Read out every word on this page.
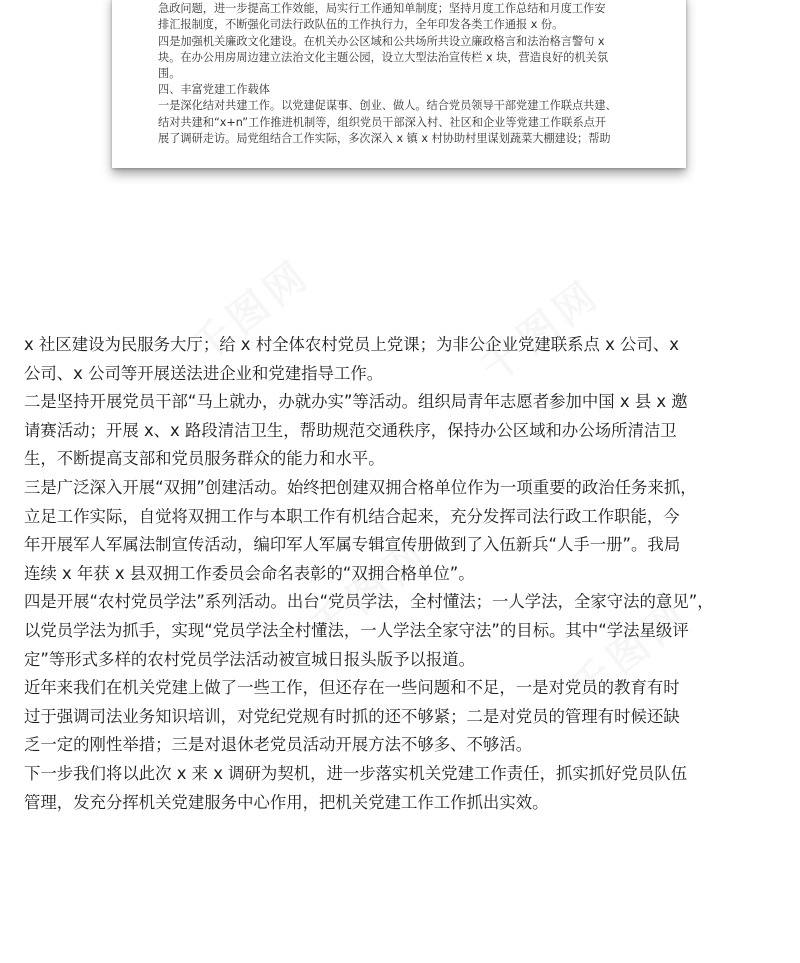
急政问题，进一步提高工作效能，局实行工作通知单制度；坚持月度工作总结和月度工作安

排汇报制度，不断强化司法行政队伍的工作执行力，全年印发各类工作通报 x 份。

四是加强机关廉政文化建设。在机关办公区域和公共场所共设立廉政格言和法治格言警句 x

块。在办公用房周边建立法治文化主题公园，设立大型法治宣传栏 x 块，营造良好的机关氛

围。

四、丰富党建工作载体

一是深化结对共建工作。以党建促谋事、创业、做人。结合党员领导干部党建工作联点共建、

结对共建和“x+n”工作推进机制等，组织党员干部深入村、社区和企业等党建工作联系点开

展了调研走访。局党组结合工作实际，多次深入 x 镇 x 村协助村里谋划蔬菜大棚建设；帮助

x 社区建设为民服务大厅；给 x 村全体农村党员上党课；为非公企业党建联系点 x 公司、x

公司、x 公司等开展送法进企业和党建指导工作。

二是坚持开展党员干部“马上就办，办就办实”等活动。组织局青年志愿者参加中国 x 县 x 邀

请赛活动；开展 x、x 路段清洁卫生，帮助规范交通秩序，保持办公区域和办公场所清洁卫

生，不断提高支部和党员服务群众的能力和水平。

三是广泛深入开展“双拥”创建活动。始终把创建双拥合格单位作为一项重要的政治任务来抓，

立足工作实际，自觉将双拥工作与本职工作有机结合起来，充分发挥司法行政工作职能，今

年开展军人军属法制宣传活动，编印军人军属专辑宣传册做到了入伍新兵“人手一册”。我局

连续 x 年获 x 县双拥工作委员会命名表彰的“双拥合格单位”。

四是开展“农村党员学法”系列活动。出台“党员学法，全村懂法；一人学法，全家守法的意见”，

以党员学法为抓手，实现“党员学法全村懂法，一人学法全家守法”的目标。其中“学法星级评

定”等形式多样的农村党员学法活动被宣城日报头版予以报道。

近年来我们在机关党建上做了一些工作，但还存在一些问题和不足，一是对党员的教育有时

过于强调司法业务知识培训，对党纪党规有时抓的还不够紧；二是对党员的管理有时候还缺

乏一定的刚性举措；三是对退休老党员活动开展方法不够多、不够活。

下一步我们将以此次 x 来 x 调研为契机，进一步落实机关党建工作责任，抓实抓好党员队伍

管理，发充分挥机关党建服务中心作用，把机关党建工作工作抓出实效。
